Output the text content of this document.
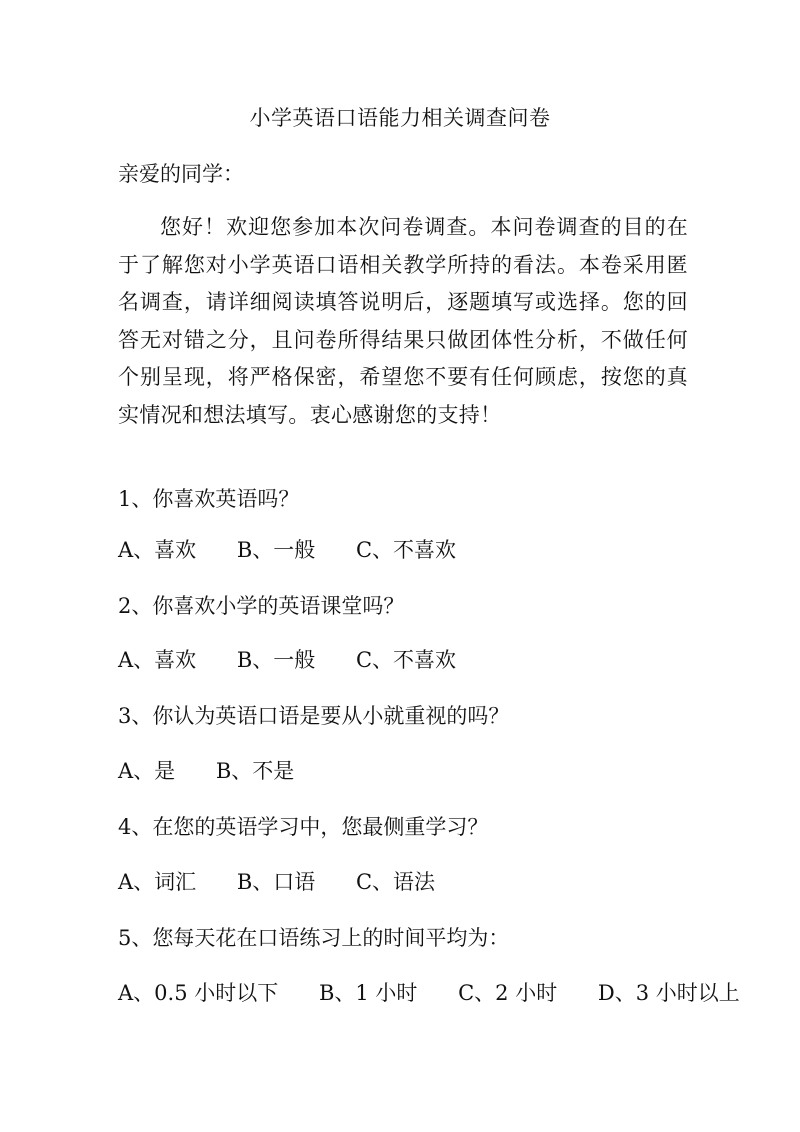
小学英语口语能力相关调查问卷

亲爱的同学：

您好！欢迎您参加本次问卷调查。本问卷调查的目的在于了解您对小学英语口语相关教学所持的看法。本卷采用匿名调查，请详细阅读填答说明后，逐题填写或选择。您的回答无对错之分，且问卷所得结果只做团体性分析，不做任何个别呈现，将严格保密，希望您不要有任何顾虑，按您的真实情况和想法填写。衷心感谢您的支持！

1、你喜欢英语吗？

A、喜欢 B、一般 C、不喜欢

2、你喜欢小学的英语课堂吗？

A、喜欢 B、一般 C、不喜欢

3、你认为英语口语是要从小就重视的吗？

A、是 B、不是

4、在您的英语学习中，您最侧重学习？

A、词汇 B、口语 C、语法

5、您每天花在口语练习上的时间平均为：

A、0.5 小时以下 B、1 小时 C、2 小时 D、3 小时以上
